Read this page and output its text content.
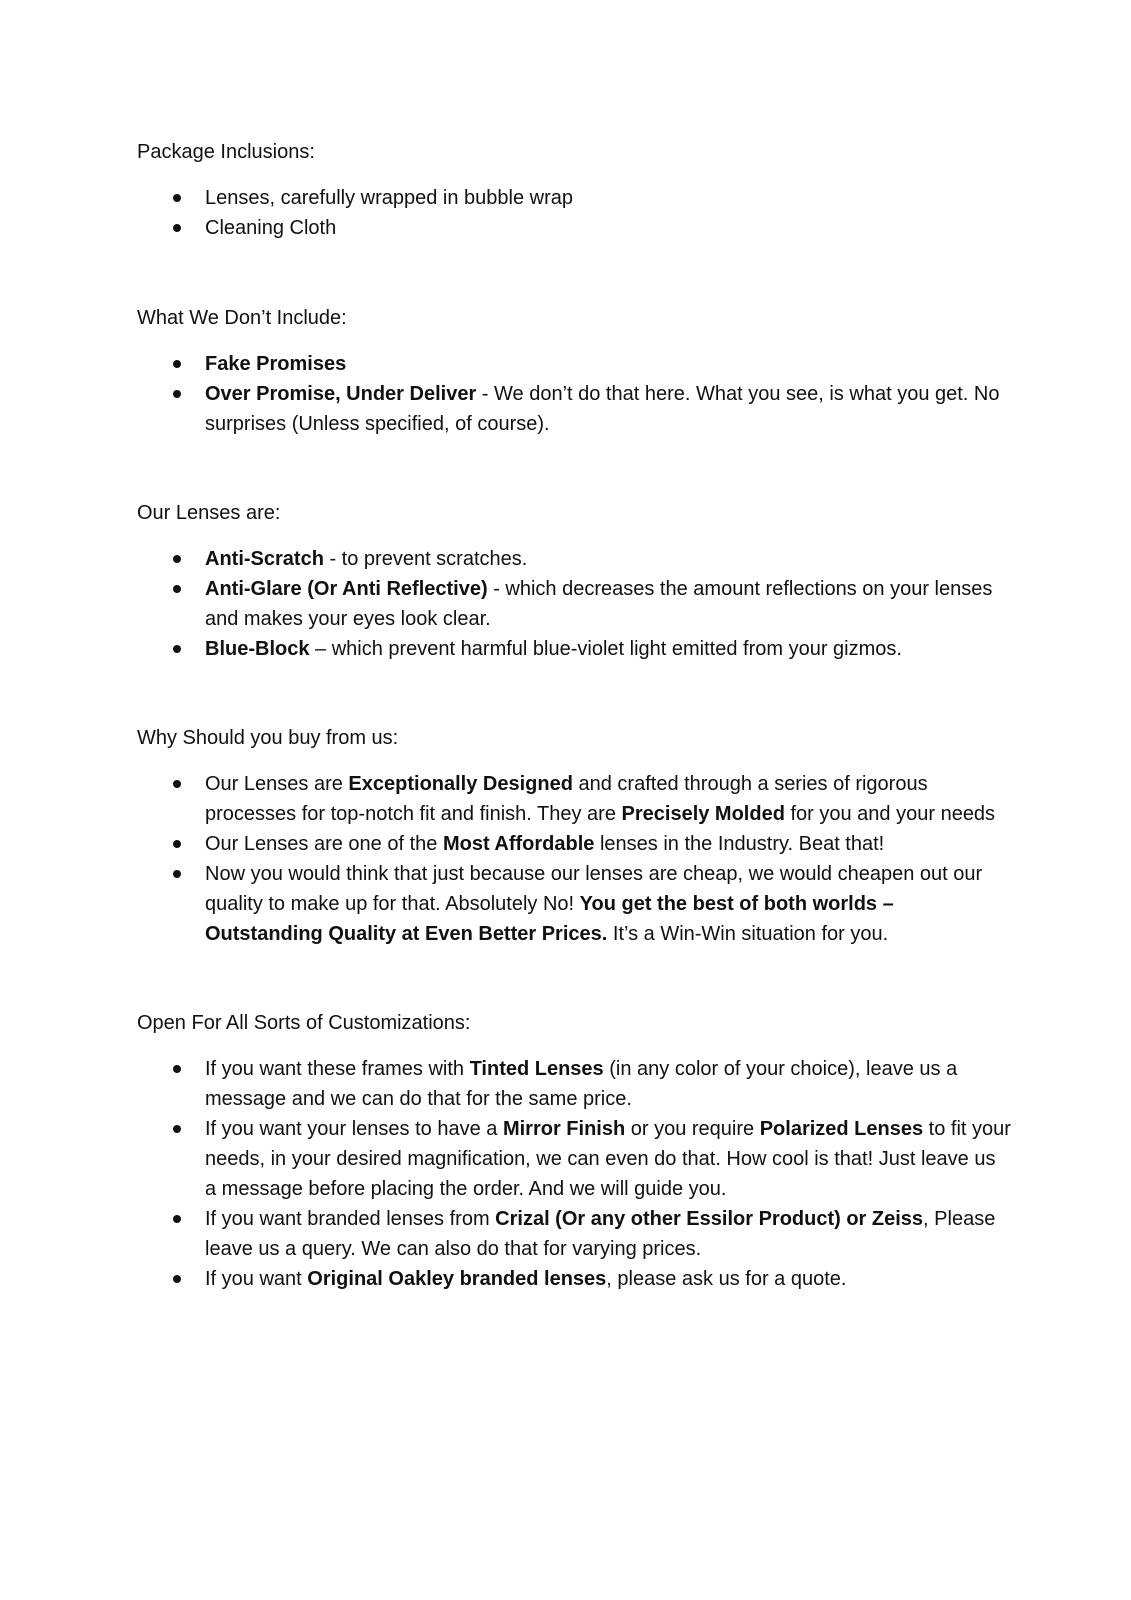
Package Inclusions:

Lenses, carefully wrapped in bubble wrap
Cleaning Cloth

What We Don’t Include:

Fake Promises
Over Promise, Under Deliver - We don’t do that here. What you see, is what you get. No surprises (Unless specified, of course).

Our Lenses are:

Anti-Scratch - to prevent scratches.
Anti-Glare (Or Anti Reflective) - which decreases the amount reflections on your lenses and makes your eyes look clear.
Blue-Block – which prevent harmful blue-violet light emitted from your gizmos.

Why Should you buy from us:

Our Lenses are Exceptionally Designed and crafted through a series of rigorous processes for top-notch fit and finish. They are Precisely Molded for you and your needs
Our Lenses are one of the Most Affordable lenses in the Industry. Beat that!
Now you would think that just because our lenses are cheap, we would cheapen out our quality to make up for that. Absolutely No! You get the best of both worlds – Outstanding Quality at Even Better Prices. It’s a Win-Win situation for you.

Open For All Sorts of Customizations:

If you want these frames with Tinted Lenses (in any color of your choice), leave us a message and we can do that for the same price.
If you want your lenses to have a Mirror Finish or you require Polarized Lenses to fit your needs, in your desired magnification, we can even do that. How cool is that! Just leave us a message before placing the order. And we will guide you.
If you want branded lenses from Crizal (Or any other Essilor Product) or Zeiss, Please leave us a query. We can also do that for varying prices.
If you want Original Oakley branded lenses, please ask us for a quote.
